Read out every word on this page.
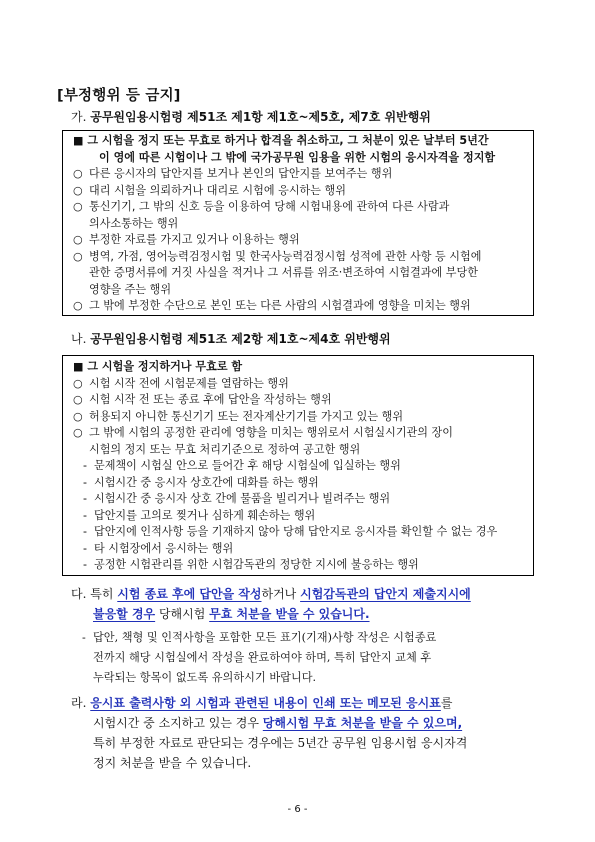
[부정행위 등 금지]
가. 공무원임용시험령 제51조 제1항 제1호~제5호, 제7호 위반행위
■ 그 시험을 정지 또는 무효로 하거나 합격을 취소하고, 그 처분이 있은 날부터 5년간
이 영에 따른 시험이나 그 밖에 국가공무원 임용을 위한 시험의 응시자격을 정지함
○ 다른 응시자의 답안지를 보거나 본인의 답안지를 보여주는 행위
○ 대리 시험을 의뢰하거나 대리로 시험에 응시하는 행위
○ 통신기기, 그 밖의 신호 등을 이용하여 당해 시험내용에 관하여 다른 사람과
의사소통하는 행위
○ 부정한 자료를 가지고 있거나 이용하는 행위
○ 병역, 가점, 영어능력검정시험 및 한국사능력검정시험 성적에 관한 사항 등 시험에
관한 증명서류에 거짓 사실을 적거나 그 서류를 위조·변조하여 시험결과에 부당한
영향을 주는 행위
○ 그 밖에 부정한 수단으로 본인 또는 다른 사람의 시험결과에 영향을 미치는 행위
나. 공무원임용시험령 제51조 제2항 제1호~제4호 위반행위
■ 그 시험을 정지하거나 무효로 함
○ 시험 시작 전에 시험문제를 열람하는 행위
○ 시험 시작 전 또는 종료 후에 답안을 작성하는 행위
○ 허용되지 아니한 통신기기 또는 전자계산기기를 가지고 있는 행위
○ 그 밖에 시험의 공정한 관리에 영향을 미치는 행위로서 시험실시기관의 장이
시험의 정지 또는 무효 처리기준으로 정하여 공고한 행위
- 문제책이 시험실 안으로 들어간 후 해당 시험실에 입실하는 행위
- 시험시간 중 응시자 상호간에 대화를 하는 행위
- 시험시간 중 응시자 상호 간에 물품을 빌리거나 빌려주는 행위
- 답안지를 고의로 찢거나 심하게 훼손하는 행위
- 답안지에 인적사항 등을 기재하지 않아 당해 답안지로 응시자를 확인할 수 없는 경우
- 타 시험장에서 응시하는 행위
- 공정한 시험관리를 위한 시험감독관의 정당한 지시에 불응하는 행위
다. 특히 시험 종료 후에 답안을 작성하거나 시험감독관의 답안지 제출지시에
불응할 경우 당해시험 무효 처분을 받을 수 있습니다.
- 답안, 책형 및 인적사항을 포함한 모든 표기(기재)사항 작성은 시험종료
전까지 해당 시험실에서 작성을 완료하여야 하며, 특히 답안지 교체 후
누락되는 항목이 없도록 유의하시기 바랍니다.
라. 응시표 출력사항 외 시험과 관련된 내용이 인쇄 또는 메모된 응시표를
시험시간 중 소지하고 있는 경우 당해시험 무효 처분을 받을 수 있으며,
특히 부정한 자료로 판단되는 경우에는 5년간 공무원 임용시험 응시자격
정지 처분을 받을 수 있습니다.
- 6 -
